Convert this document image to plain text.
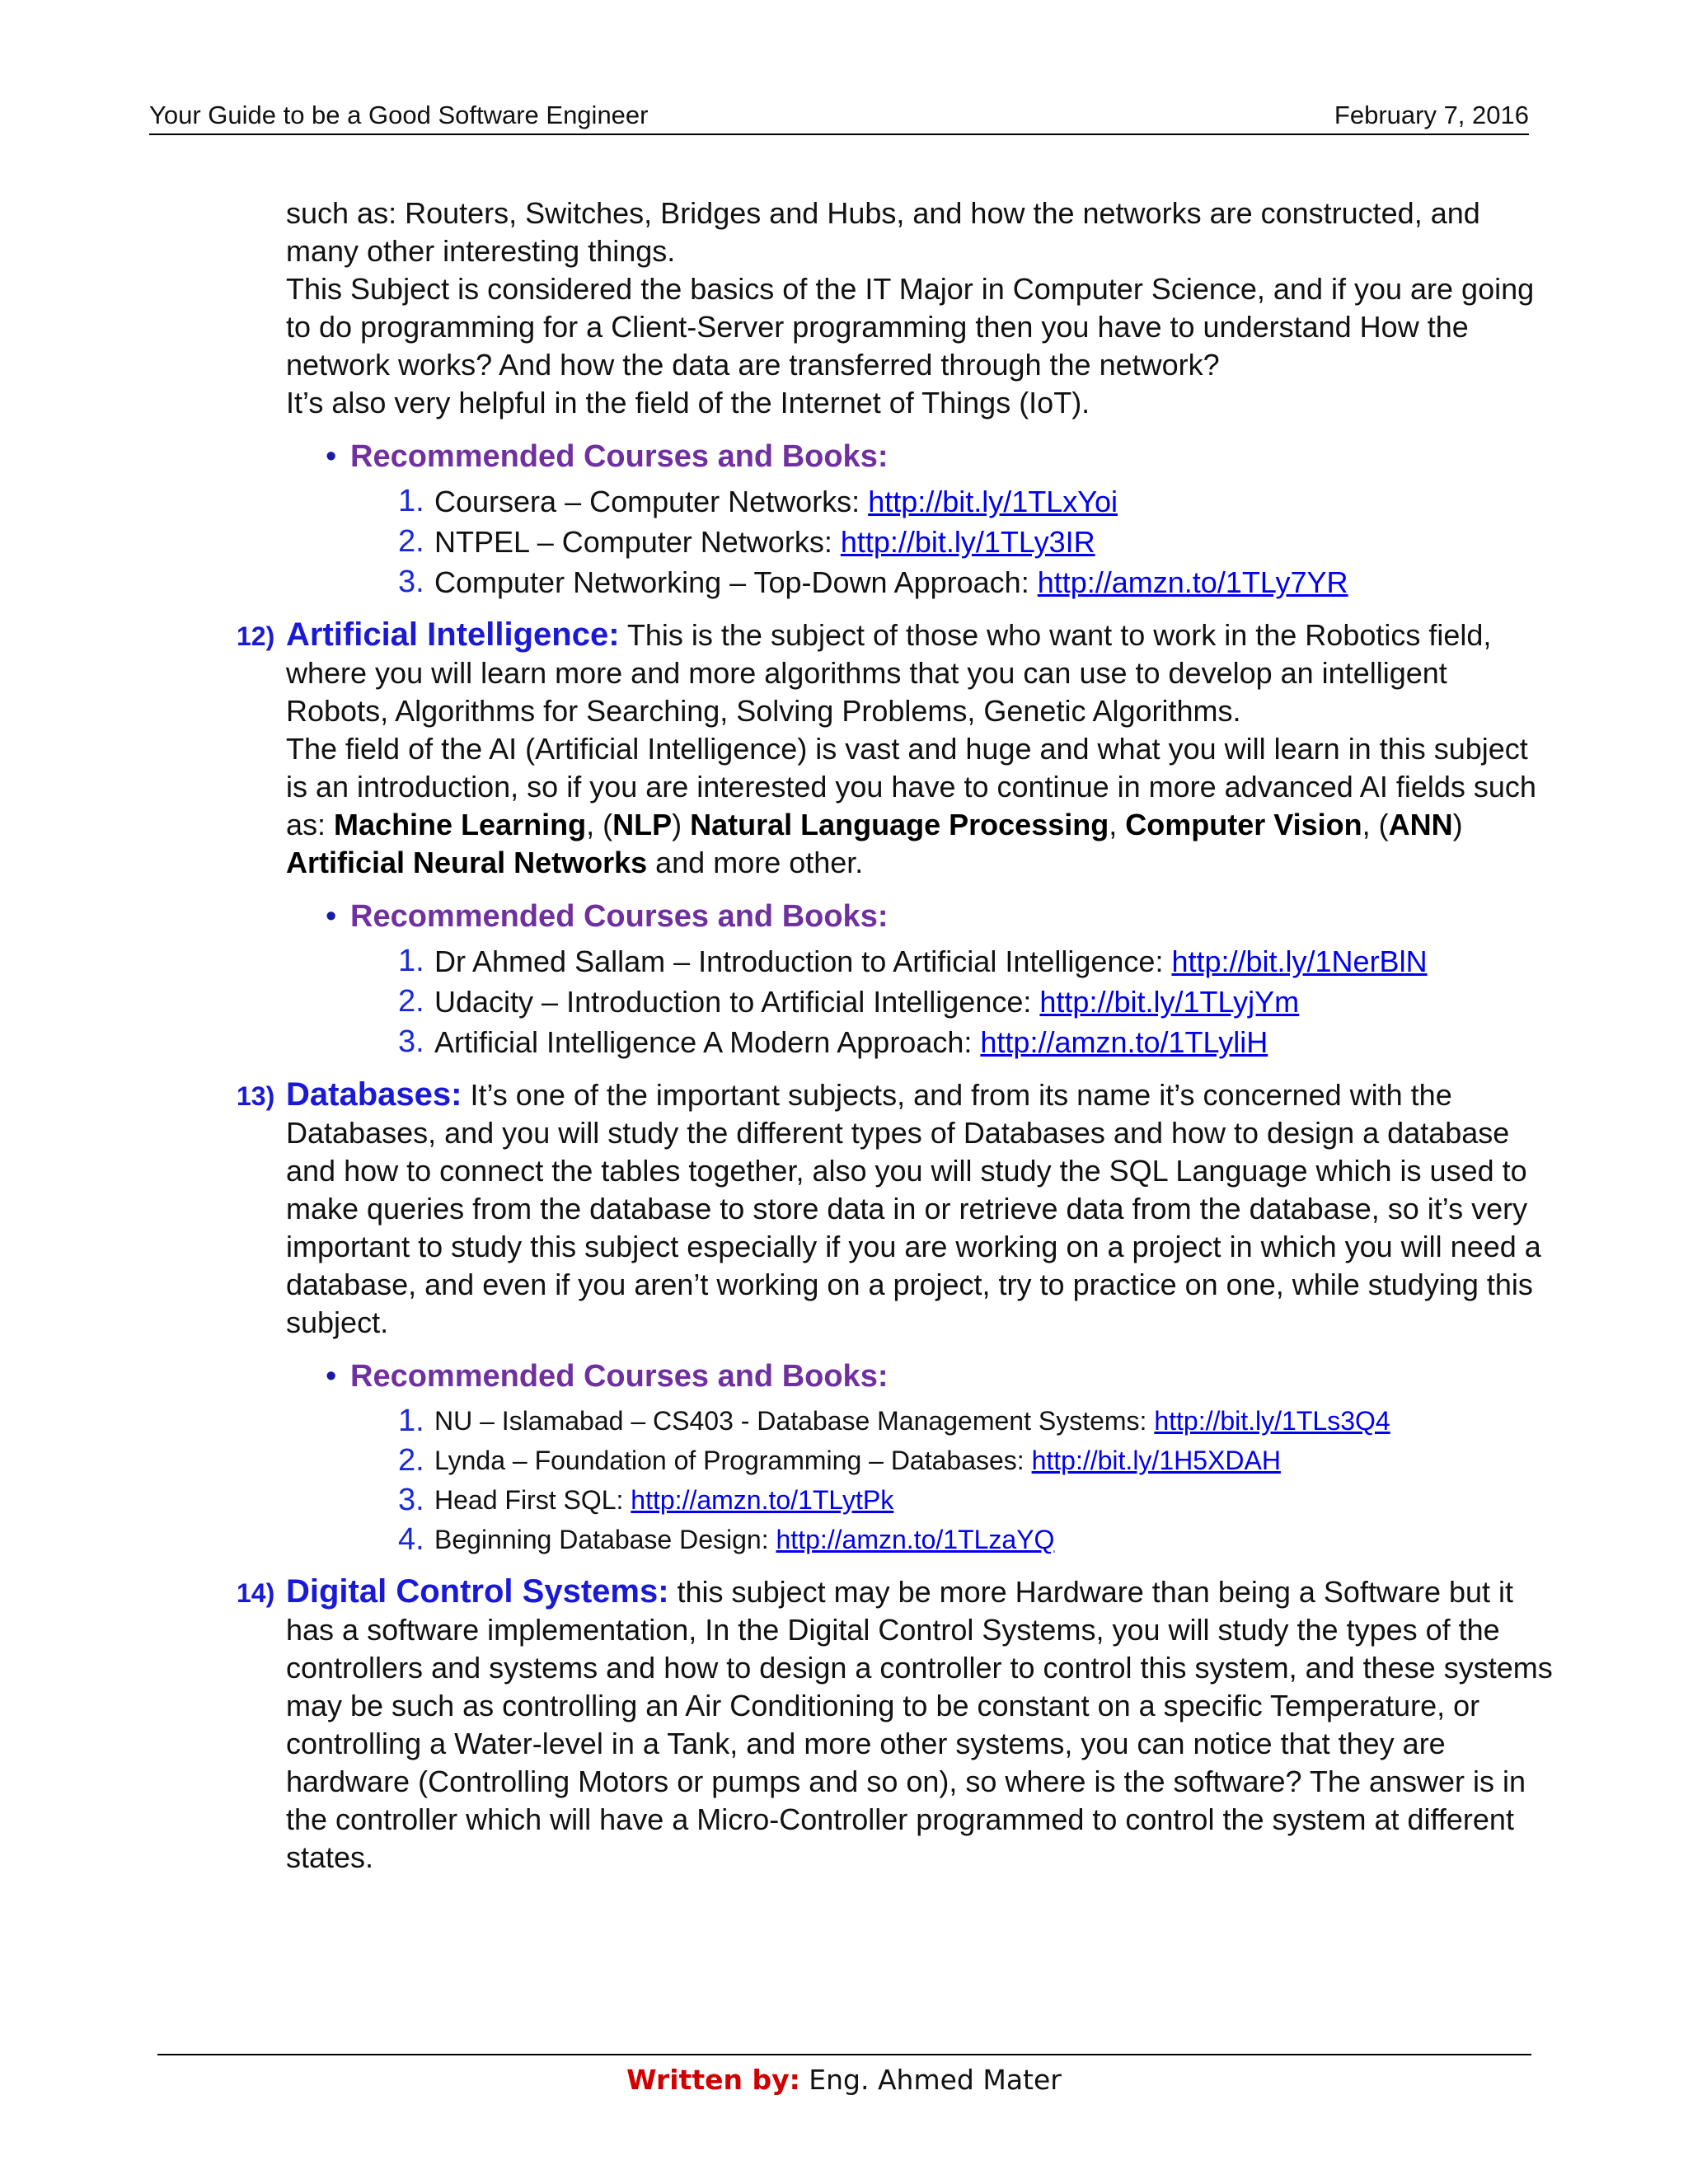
Your Guide to be a Good Software Engineer	February 7, 2016

such as: Routers, Switches, Bridges and Hubs, and how the networks are constructed, and many other interesting things.

This Subject is considered the basics of the IT Major in Computer Science, and if you are going to do programming for a Client-Server programming then you have to understand How the network works? And how the data are transferred through the network?

It’s also very helpful in the field of the Internet of Things (IoT).

• Recommended Courses and Books:
1. Coursera – Computer Networks: http://bit.ly/1TLxYoi
2. NTPEL – Computer Networks: http://bit.ly/1TLy3IR
3. Computer Networking – Top-Down Approach: http://amzn.to/1TLy7YR
12) Artificial Intelligence: This is the subject of those who want to work in the Robotics field, where you will learn more and more algorithms that you can use to develop an intelligent Robots, Algorithms for Searching, Solving Problems, Genetic Algorithms.

The field of the AI (Artificial Intelligence) is vast and huge and what you will learn in this subject is an introduction, so if you are interested you have to continue in more advanced AI fields such as: Machine Learning, (NLP) Natural Language Processing, Computer Vision, (ANN) Artificial Neural Networks and more other.

• Recommended Courses and Books:
1. Dr Ahmed Sallam – Introduction to Artificial Intelligence: http://bit.ly/1NerBlN
2. Udacity – Introduction to Artificial Intelligence: http://bit.ly/1TLyjYm
3. Artificial Intelligence A Modern Approach: http://amzn.to/1TLyliH
13) Databases: It’s one of the important subjects, and from its name it’s concerned with the Databases, and you will study the different types of Databases and how to design a database and how to connect the tables together, also you will study the SQL Language which is used to make queries from the database to store data in or retrieve data from the database, so it’s very important to study this subject especially if you are working on a project in which you will need a database, and even if you aren’t working on a project, try to practice on one, while studying this subject.

• Recommended Courses and Books:
1. NU – Islamabad – CS403 - Database Management Systems: http://bit.ly/1TLs3Q4
2. Lynda – Foundation of Programming – Databases: http://bit.ly/1H5XDAH
3. Head First SQL: http://amzn.to/1TLytPk
4. Beginning Database Design: http://amzn.to/1TLzaYQ
14) Digital Control Systems: this subject may be more Hardware than being a Software but it has a software implementation, In the Digital Control Systems, you will study the types of the controllers and systems and how to design a controller to control this system, and these systems may be such as controlling an Air Conditioning to be constant on a specific Temperature, or controlling a Water-level in a Tank, and more other systems, you can notice that they are hardware (Controlling Motors or pumps and so on), so where is the software? The answer is in the controller which will have a Micro-Controller programmed to control the system at different states.

Written by: Eng. Ahmed Mater
